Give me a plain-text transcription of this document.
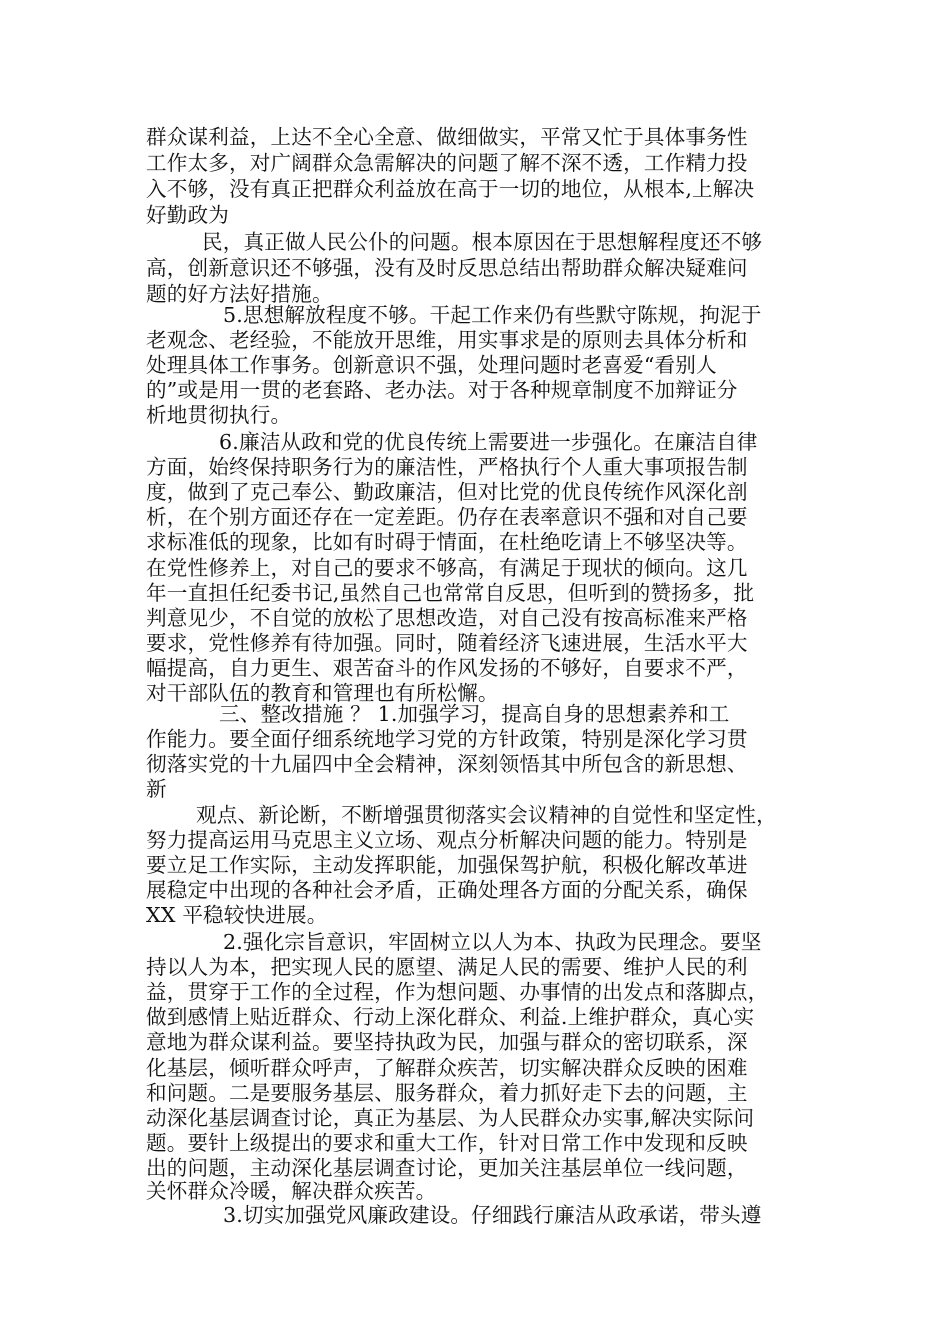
群众谋利益，上达不全心全意、做细做实，平常又忙于具体事务性

工作太多，对广阔群众急需解决的问题了解不深不透，工作精力投

入不够，没有真正把群众利益放在高于一切的地位，从根本,上解决

好勤政为

民，真正做人民公仆的问题。根本原因在于思想解程度还不够

高，创新意识还不够强，没有及时反思总结出帮助群众解决疑难问

题的好方法好措施。

5.思想解放程度不够。干起工作来仍有些默守陈规，拘泥于

老观念、老经验，不能放开思维，用实事求是的原则去具体分析和

处理具体工作事务。创新意识不强，处理问题时老喜爱“看别人

的”或是用一贯的老套路、老办法。对于各种规章制度不加辩证分

析地贯彻执行。

6.廉洁从政和党的优良传统上需要进一步强化。在廉洁自律

方面，始终保持职务行为的廉洁性，严格执行个人重大事项报告制

度，做到了克己奉公、勤政廉洁，但对比党的优良传统作风深化剖

析，在个别方面还存在一定差距。仍存在表率意识不强和对自己要

求标准低的现象，比如有时碍于情面，在杜绝吃请上不够坚决等。

在党性修养上，对自己的要求不够高，有满足于现状的倾向。这几

年一直担任纪委书记,虽然自己也常常自反思，但听到的赞扬多，批

判意见少，不自觉的放松了思想改造，对自己没有按高标准来严格

要求，党性修养有待加强。同时，随着经济飞速进展，生活水平大

幅提高，自力更生、艰苦奋斗的作风发扬的不够好，自要求不严，

对干部队伍的教育和管理也有所松懈。

三、整改措施 ？ 1.加强学习，提高自身的思想素养和工

作能力。要全面仔细系统地学习党的方针政策，特别是深化学习贯

彻落实党的十九届四中全会精神，深刻领悟其中所包含的新思想、

新

观点、新论断，不断增强贯彻落实会议精神的自觉性和坚定性，

努力提高运用马克思主义立场、观点分析解决问题的能力。特别是

要立足工作实际，主动发挥职能，加强保驾护航，积极化解改革进

展稳定中出现的各种社会矛盾，正确处理各方面的分配关系，确保

XX 平稳较快进展。

2.强化宗旨意识，牢固树立以人为本、执政为民理念。要坚

持以人为本，把实现人民的愿望、满足人民的需要、维护人民的利

益，贯穿于工作的全过程，作为想问题、办事情的出发点和落脚点，

做到感情上贴近群众、行动上深化群众、利益.上维护群众，真心实

意地为群众谋利益。要坚持执政为民，加强与群众的密切联系，深

化基层，倾听群众呼声，了解群众疾苦，切实解决群众反映的困难

和问题。二是要服务基层、服务群众，着力抓好走下去的问题，主

动深化基层调查讨论，真正为基层、为人民群众办实事,解决实际问

题。要针上级提出的要求和重大工作，针对日常工作中发现和反映

出的问题，主动深化基层调查讨论，更加关注基层单位一线问题，

关怀群众冷暖，解决群众疾苦。

3.切实加强党风廉政建设。仔细践行廉洁从政承诺，带头遵
